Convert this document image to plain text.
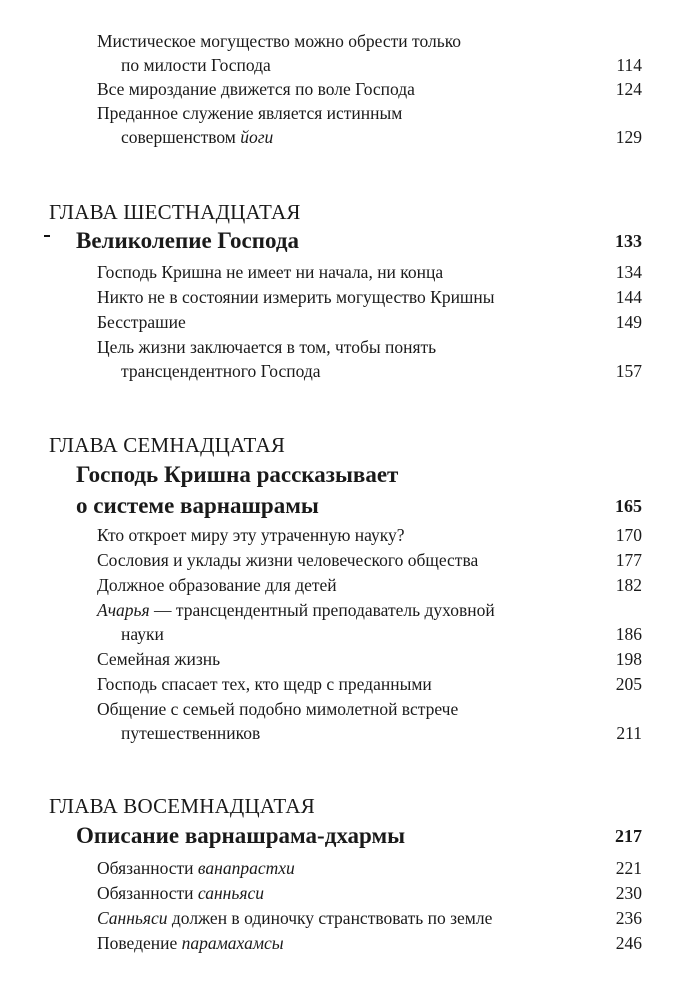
Мистическое могущество можно обрести только
по милости Господа	114
Все мироздание движется по воле Господа	124
Преданное служение является истинным
совершенством йоги	129
ГЛАВА ШЕСТНАДЦАТАЯ
Великолепие Господа	133
Господь Кришна не имеет ни начала, ни конца	134
Никто не в состоянии измерить могущество Кришны	144
Бесстрашие	149
Цель жизни заключается в том, чтобы понять
трансцендентного Господа	157
ГЛАВА СЕМНАДЦАТАЯ
Господь Кришна рассказывает
о системе варнашрамы	165
Кто откроет миру эту утраченную науку?	170
Сословия и уклады жизни человеческого общества	177
Должное образование для детей	182
Ачарья — трансцендентный преподаватель духовной
науки	186
Семейная жизнь	198
Господь спасает тех, кто щедр с преданными	205
Общение с семьей подобно мимолетной встрече
путешественников	211
ГЛАВА ВОСЕМНАДЦАТАЯ
Описание варнашрама-дхармы	217
Обязанности ванапрастхи	221
Обязанности санньяси	230
Санньяси должен в одиночку странствовать по земле	236
Поведение парамахамсы	246
